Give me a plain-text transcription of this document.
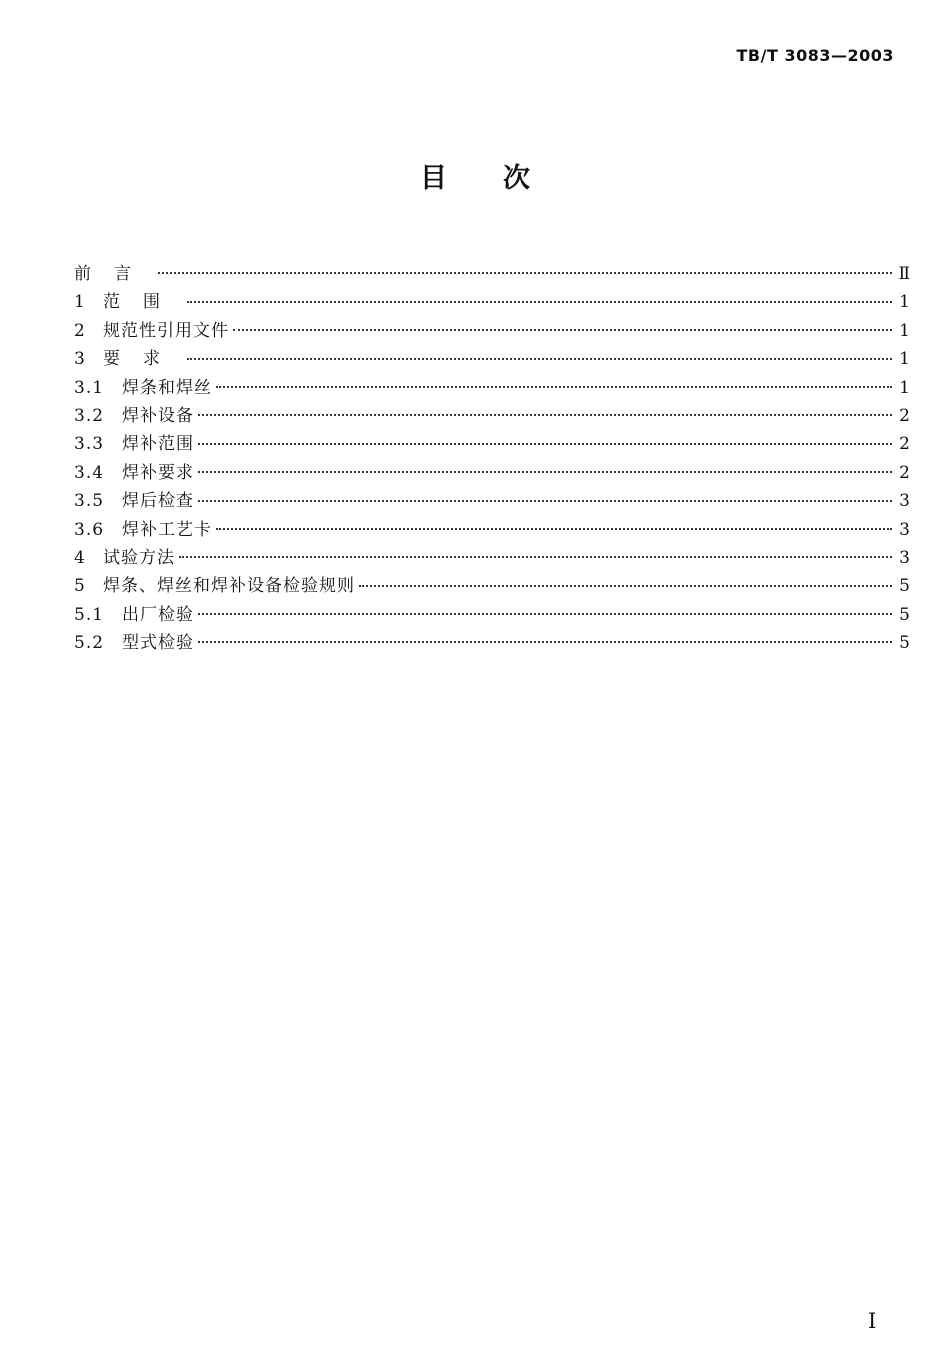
TB/T 3083—2003
目次
前言	Ⅱ
1	范围	1
2	规范性引用文件	1
3	要求	1
3.1	焊条和焊丝	1
3.2	焊补设备	2
3.3	焊补范围	2
3.4	焊补要求	2
3.5	焊后检查	3
3.6	焊补工艺卡	3
4	试验方法	3
5	焊条、焊丝和焊补设备检验规则	5
5.1	出厂检验	5
5.2	型式检验	5
I
